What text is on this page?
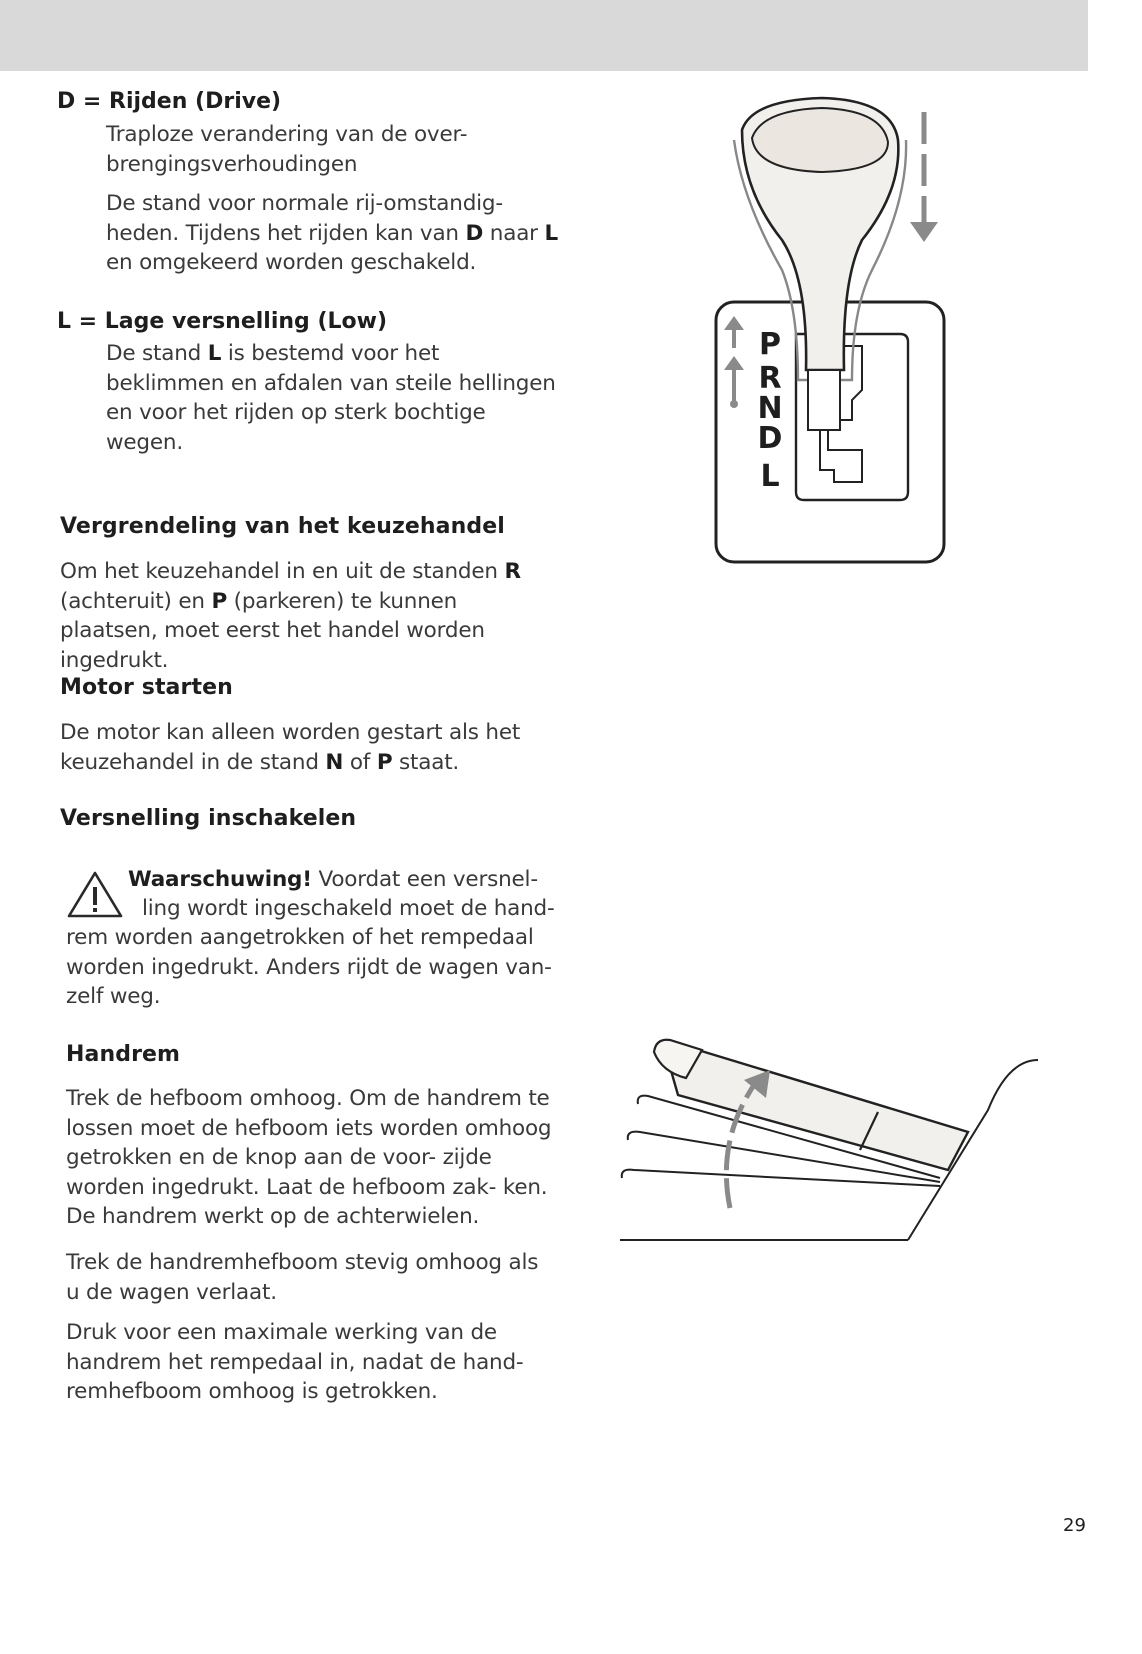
D = Rijden (Drive)
Traploze verandering van de over-
brengingsverhoudingen
De stand voor normale rij-omstandig- heden. Tijdens het rijden kan van D naar L en omgekeerd worden geschakeld.
L = Lage versnelling (Low)
De stand L is bestemd voor het beklimmen en afdalen van steile hellingen en voor het rijden op sterk bochtige wegen.
Vergrendeling van het keuzehandel
Om het keuzehandel in en uit de standen R (achteruit) en P (parkeren) te kunnen plaatsen, moet eerst het handel worden ingedrukt.
Motor starten
De motor kan alleen worden gestart als het keuzehandel in de stand N of P staat.
Versnelling inschakelen
Waarschuwing! Voordat een versnel-
ling wordt ingeschakeld moet de hand-
rem worden aangetrokken of het rempedaal worden ingedrukt. Anders rijdt de wagen van- zelf weg.
Handrem
Trek de hefboom omhoog. Om de handrem te lossen moet de hefboom iets worden omhoog getrokken en de knop aan de voor- zijde worden ingedrukt. Laat de hefboom zak- ken. De handrem werkt op de achterwielen.
Trek de handremhefboom stevig omhoog als u de wagen verlaat.
Druk voor een maximale werking van de handrem het rempedaal in, nadat de hand- remhefboom omhoog is getrokken.
P
R
N
D
L
29
